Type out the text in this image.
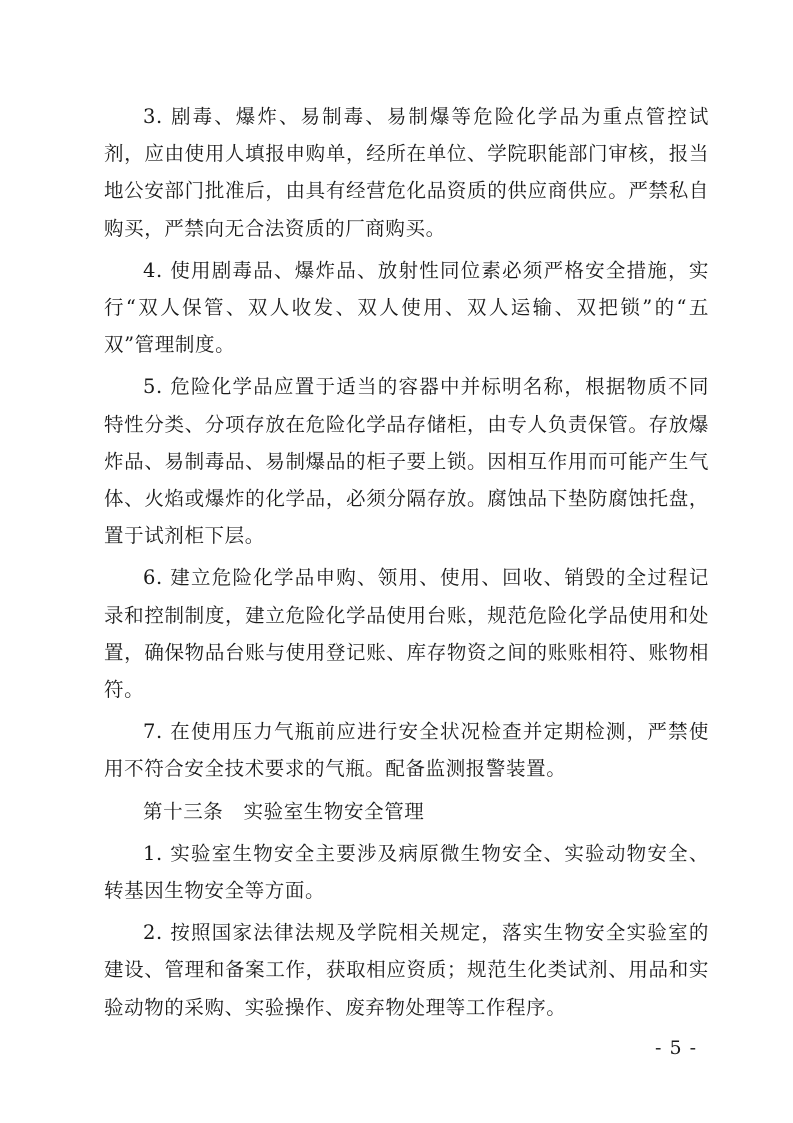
3. 剧毒、爆炸、易制毒、易制爆等危险化学品为重点管控试剂，应由使用人填报申购单，经所在单位、学院职能部门审核，报当地公安部门批准后，由具有经营危化品资质的供应商供应。严禁私自购买，严禁向无合法资质的厂商购买。

4. 使用剧毒品、爆炸品、放射性同位素必须严格安全措施，实行“双人保管、双人收发、双人使用、双人运输、双把锁”的“五双”管理制度。

5. 危险化学品应置于适当的容器中并标明名称，根据物质不同特性分类、分项存放在危险化学品存储柜，由专人负责保管。存放爆炸品、易制毒品、易制爆品的柜子要上锁。因相互作用而可能产生气体、火焰或爆炸的化学品，必须分隔存放。腐蚀品下垫防腐蚀托盘，置于试剂柜下层。

6. 建立危险化学品申购、领用、使用、回收、销毁的全过程记录和控制制度，建立危险化学品使用台账，规范危险化学品使用和处置，确保物品台账与使用登记账、库存物资之间的账账相符、账物相符。

7. 在使用压力气瓶前应进行安全状况检查并定期检测，严禁使用不符合安全技术要求的气瓶。配备监测报警装置。

第十三条　实验室生物安全管理

1. 实验室生物安全主要涉及病原微生物安全、实验动物安全、转基因生物安全等方面。

2. 按照国家法律法规及学院相关规定，落实生物安全实验室的建设、管理和备案工作，获取相应资质；规范生化类试剂、用品和实验动物的采购、实验操作、废弃物处理等工作程序。

- 5 -
